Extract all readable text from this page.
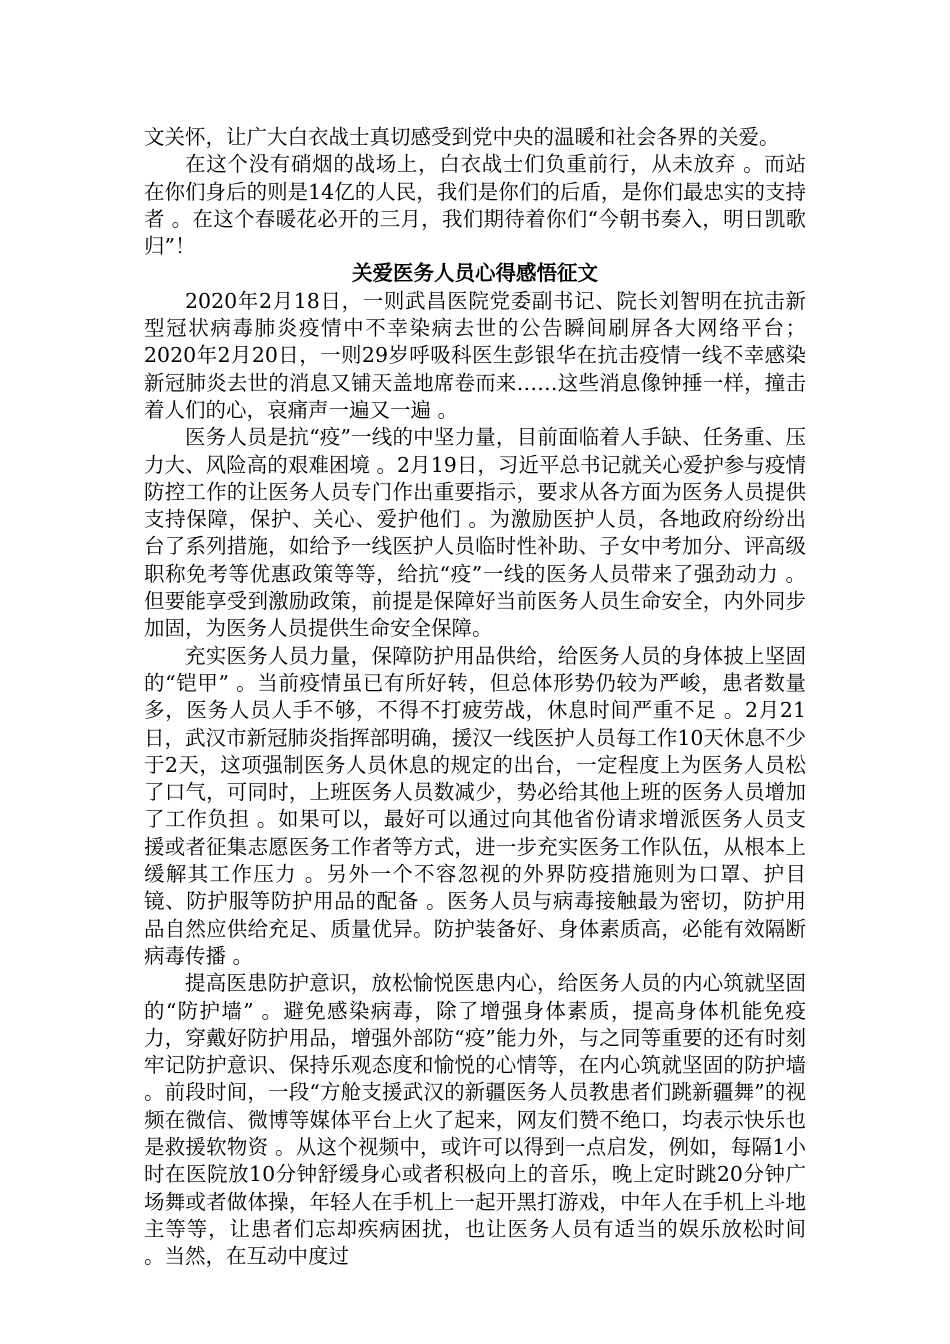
文关怀，让广大白衣战士真切感受到党中央的温暖和社会各界的关爱。

在这个没有硝烟的战场上，白衣战士们负重前行，从未放弃 。而站在你们身后的则是14亿的人民，我们是你们的后盾，是你们最忠实的支持者 。在这个春暖花必开的三月，我们期待着你们“今朝书奏入，明日凯歌归”！

关爱医务人员心得感悟征文

2020年2月18日，一则武昌医院党委副书记、院长刘智明在抗击新型冠状病毒肺炎疫情中不幸染病去世的公告瞬间刷屏各大网络平台；2020年2月20日，一则29岁呼吸科医生彭银华在抗击疫情一线不幸感染新冠肺炎去世的消息又铺天盖地席卷而来……这些消息像钟捶一样，撞击着人们的心，哀痛声一遍又一遍 。

医务人员是抗“疫”一线的中坚力量，目前面临着人手缺、任务重、压力大、风险高的艰难困境 。2月19日，习近平总书记就关心爱护参与疫情防控工作的让医务人员专门作出重要指示，要求从各方面为医务人员提供支持保障，保护、关心、爱护他们 。为激励医护人员，各地政府纷纷出台了系列措施，如给予一线医护人员临时性补助、子女中考加分、评高级职称免考等优惠政策等等，给抗“疫”一线的医务人员带来了强劲动力 。但要能享受到激励政策，前提是保障好当前医务人员生命安全，内外同步加固，为医务人员提供生命安全保障。

充实医务人员力量，保障防护用品供给，给医务人员的身体披上坚固的“铠甲” 。当前疫情虽已有所好转，但总体形势仍较为严峻，患者数量多，医务人员人手不够，不得不打疲劳战，休息时间严重不足 。2月21日，武汉市新冠肺炎指挥部明确，援汉一线医护人员每工作10天休息不少于2天，这项强制医务人员休息的规定的出台，一定程度上为医务人员松了口气，可同时，上班医务人员数减少，势必给其他上班的医务人员增加了工作负担 。如果可以，最好可以通过向其他省份请求增派医务人员支援或者征集志愿医务工作者等方式，进一步充实医务工作队伍，从根本上缓解其工作压力 。另外一个不容忽视的外界防疫措施则为口罩、护目镜、防护服等防护用品的配备 。医务人员与病毒接触最为密切，防护用品自然应供给充足、质量优异。防护装备好、身体素质高，必能有效隔断病毒传播 。

提高医患防护意识，放松愉悦医患内心，给医务人员的内心筑就坚固的“防护墙” 。避免感染病毒，除了增强身体素质，提高身体机能免疫力，穿戴好防护用品，增强外部防“疫”能力外，与之同等重要的还有时刻牢记防护意识、保持乐观态度和愉悦的心情等，在内心筑就坚固的防护墙 。前段时间，一段“方舱支援武汉的新疆医务人员教患者们跳新疆舞”的视频在微信、微博等媒体平台上火了起来，网友们赞不绝口，均表示快乐也是救援软物资 。从这个视频中，或许可以得到一点启发，例如，每隔1小时在医院放10分钟舒缓身心或者积极向上的音乐，晚上定时跳20分钟广场舞或者做体操，年轻人在手机上一起开黑打游戏，中年人在手机上斗地主等等，让患者们忘却疾病困扰，也让医务人员有适当的娱乐放松时间 。当然，在互动中度过
